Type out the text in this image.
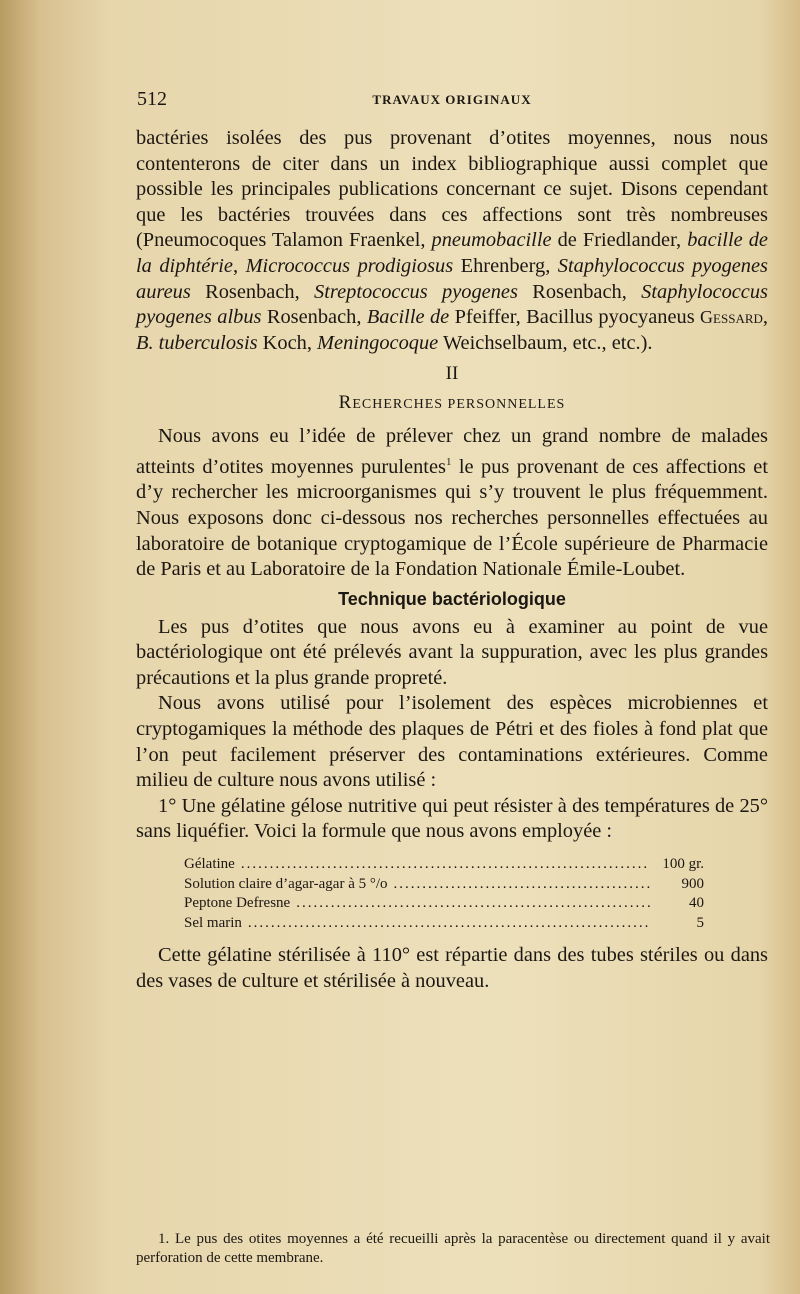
512	TRAVAUX ORIGINAUX

bactéries isolées des pus provenant d’otites moyennes, nous nous contenterons de citer dans un index bibliographique aussi complet que possible les principales publications concernant ce sujet. Disons cependant que les bactéries trouvées dans ces affections sont très nombreuses (Pneumocoques Talamon Fraenkel, pneumobacille de Friedlander, bacille de la diphtérie, Micrococcus prodigiosus Ehrenberg, Staphylococcus pyogenes aureus Rosenbach, Streptococcus pyogenes Rosenbach, Staphylococcus pyogenes albus Rosenbach, Bacille de Pfeiffer, Bacillus pyocyaneus Gessard, B. tuberculosis Koch, Meningocoque Weichselbaum, etc., etc.).

II
RECHERCHES PERSONNELLES

Nous avons eu l’idée de prélever chez un grand nombre de malades atteints d’otites moyennes purulentes$^1$ le pus provenant de ces affections et d’y rechercher les microorganismes qui s’y trouvent le plus fréquemment. Nous exposons donc ci-dessous nos recherches personnelles effectuées au laboratoire de botanique cryptogamique de l’École supérieure de Pharmacie de Paris et au Laboratoire de la Fondation Nationale Émile-Loubet.

Technique bactériologique

Les pus d’otites que nous avons eu à examiner au point de vue bactériologique ont été prélevés avant la suppuration, avec les plus grandes précautions et la plus grande propreté.

Nous avons utilisé pour l’isolement des espèces microbiennes et cryptogamiques la méthode des plaques de Pétri et des fioles à fond plat que l’on peut facilement préserver des contaminations extérieures. Comme milieu de culture nous avons utilisé :

1° Une gélatine gélose nutritive qui peut résister à des températures de 25° sans liquéfier. Voici la formule que nous avons employée :

Gélatine .....	100 gr.
Solution claire d’agar-agar à 5 °/o .....	900
Peptone Defresne .....	40
Sel marin .....	5

Cette gélatine stérilisée à 110° est répartie dans des tubes stériles ou dans des vases de culture et stérilisée à nouveau.

1. Le pus des otites moyennes a été recueilli après la paracentèse ou directement quand il y avait perforation de cette membrane.
